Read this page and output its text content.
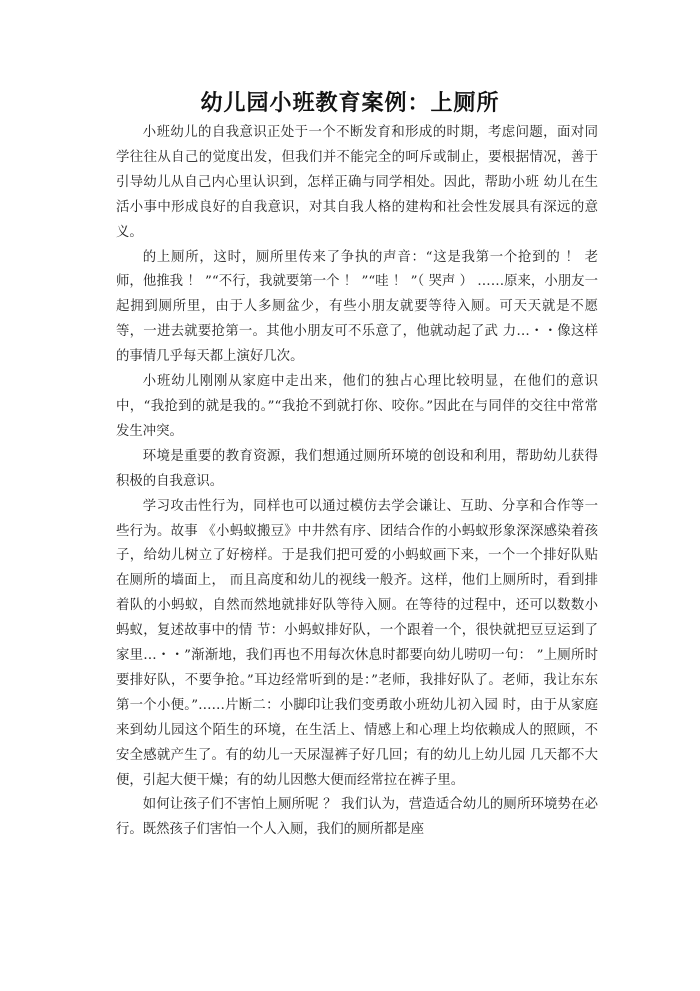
幼儿园小班教育案例：上厕所

小班幼儿的自我意识正处于一个不断发育和形成的时期，考虑问题，面对同学往往从自己的觉度出发，但我们并不能完全的呵斥或制止，要根据情况，善于引导幼儿从自己内心里认识到，怎样正确与同学相处。因此，帮助小班 幼儿在生活小事中形成良好的自我意识，对其自我人格的建构和社会性发展具有深远的意义。

的上厕所，这时，厕所里传来了争执的声音：“这是我第一个抢到的 ！ 老师，他推我 ！ ”“不行，我就要第一个 ！ ”“哇 ！ ”（ 哭声 ） ……原来，小朋友一起拥到厕所里，由于人多厕盆少，有些小朋友就要等待入厕。可天天就是不愿等，一进去就要抢第一。其他小朋友可不乐意了，他就动起了武 力…・・像这样的事情几乎每天都上演好几次。

小班幼儿刚刚从家庭中走出来，他们的独占心理比较明显，在他们的意识中，“我抢到的就是我的。”“我抢不到就打你、咬你。”因此在与同伴的交往中常常发生冲突。

环境是重要的教育资源，我们想通过厕所环境的创设和利用，帮助幼儿获得积极的自我意识。

学习攻击性行为，同样也可以通过模仿去学会谦让、互助、分享和合作等一些行为。故事 《小蚂蚁搬豆》中井然有序、团结合作的小蚂蚁形象深深感染着孩子，给幼儿树立了好榜样。于是我们把可爱的小蚂蚁画下来，一个一个排好队贴在厕所的墙面上， 而且高度和幼儿的视线一般齐。这样，他们上厕所时，看到排着队的小蚂蚁，自然而然地就排好队等待入厕。在等待的过程中，还可以数数小蚂蚁，复述故事中的情 节：小蚂蚁排好队，一个跟着一个，很快就把豆豆运到了家里…・・”渐渐地，我们再也不用每次休息时都要向幼儿唠叨一句： ”上厕所时要排好队，不要争抢。”耳边经常听到的是：”老师，我排好队了。老师，我让东东第一个小便。”……片断二：小脚印让我们变勇敢小班幼儿初入园 时，由于从家庭来到幼儿园这个陌生的环境，在生活上、情感上和心理上均依赖成人的照顾，不安全感就产生了。有的幼儿一天尿湿裤子好几回；有的幼儿上幼儿园 几天都不大便，引起大便干燥；有的幼儿因憋大便而经常拉在裤子里。

如何让孩子们不害怕上厕所呢 ？ 我们认为，营造适合幼儿的厕所环境势在必行。既然孩子们害怕一个人入厕，我们的厕所都是座
